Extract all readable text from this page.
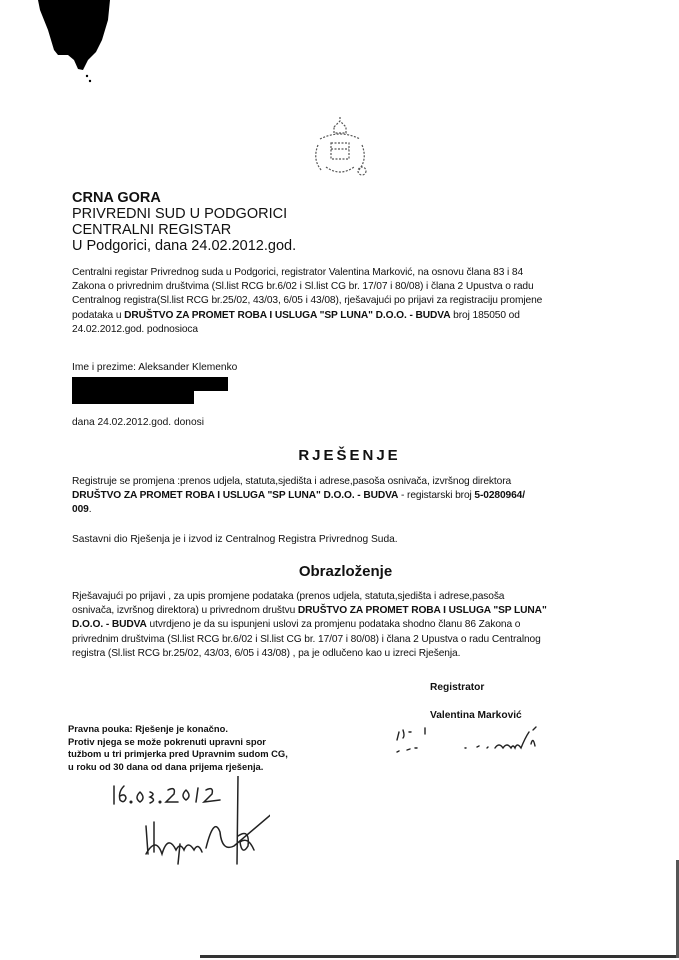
CRNA GORA
PRIVREDNI SUD U PODGORICI
CENTRALNI REGISTAR
U Podgorici, dana 24.02.2012.god.
Centralni registar Privrednog suda u Podgorici, registrator Valentina Marković, na osnovu člana 83 i 84
Zakona o privrednim društvima (Sl.list RCG br.6/02 i Sl.list CG br. 17/07 i 80/08) i člana 2 Upustva o radu
Centralnog registra(Sl.list RCG br.25/02, 43/03, 6/05 i 43/08), rješavajući po prijavi za registraciju promjene
podataka u DRUŠTVO ZA PROMET ROBA I USLUGA "SP LUNA" D.O.O. - BUDVA broj 185050 od
24.02.2012.god. podnosioca
Ime i prezime: Aleksander Klemenko
dana 24.02.2012.god. donosi
RJEŠENJE
Registruje se promjena :prenos udjela, statuta,sjedišta i adrese,pasoša osnivača, izvršnog direktora
DRUŠTVO ZA PROMET ROBA I USLUGA "SP LUNA" D.O.O. - BUDVA - registarski broj 5-0280964/
009.
Sastavni dio Rješenja je i izvod iz Centralnog Registra Privrednog Suda.
Obrazloženje
Rješavajući po prijavi , za upis promjene podataka (prenos udjela, statuta,sjedišta i adrese,pasoša
osnivača, izvršnog direktora) u privrednom društvu DRUŠTVO ZA PROMET ROBA I USLUGA "SP LUNA"
D.O.O. - BUDVA utvrdjeno je da su ispunjeni uslovi za promjenu podataka shodno članu 86 Zakona o
privrednim društvima (Sl.list RCG br.6/02 i Sl.list CG br. 17/07 i 80/08) i člana 2 Upustva o radu Centralnog
registra (Sl.list RCG br.25/02, 43/03, 6/05 i 43/08) , pa je odlučeno kao u izreci Rješenja.
Registrator
Valentina Marković
Pravna pouka: Rješenje je konačno.
Protiv njega se može pokrenuti upravni spor
tužbom u tri primjerka pred Upravnim sudom CG,
u roku od 30 dana od dana prijema rješenja.
